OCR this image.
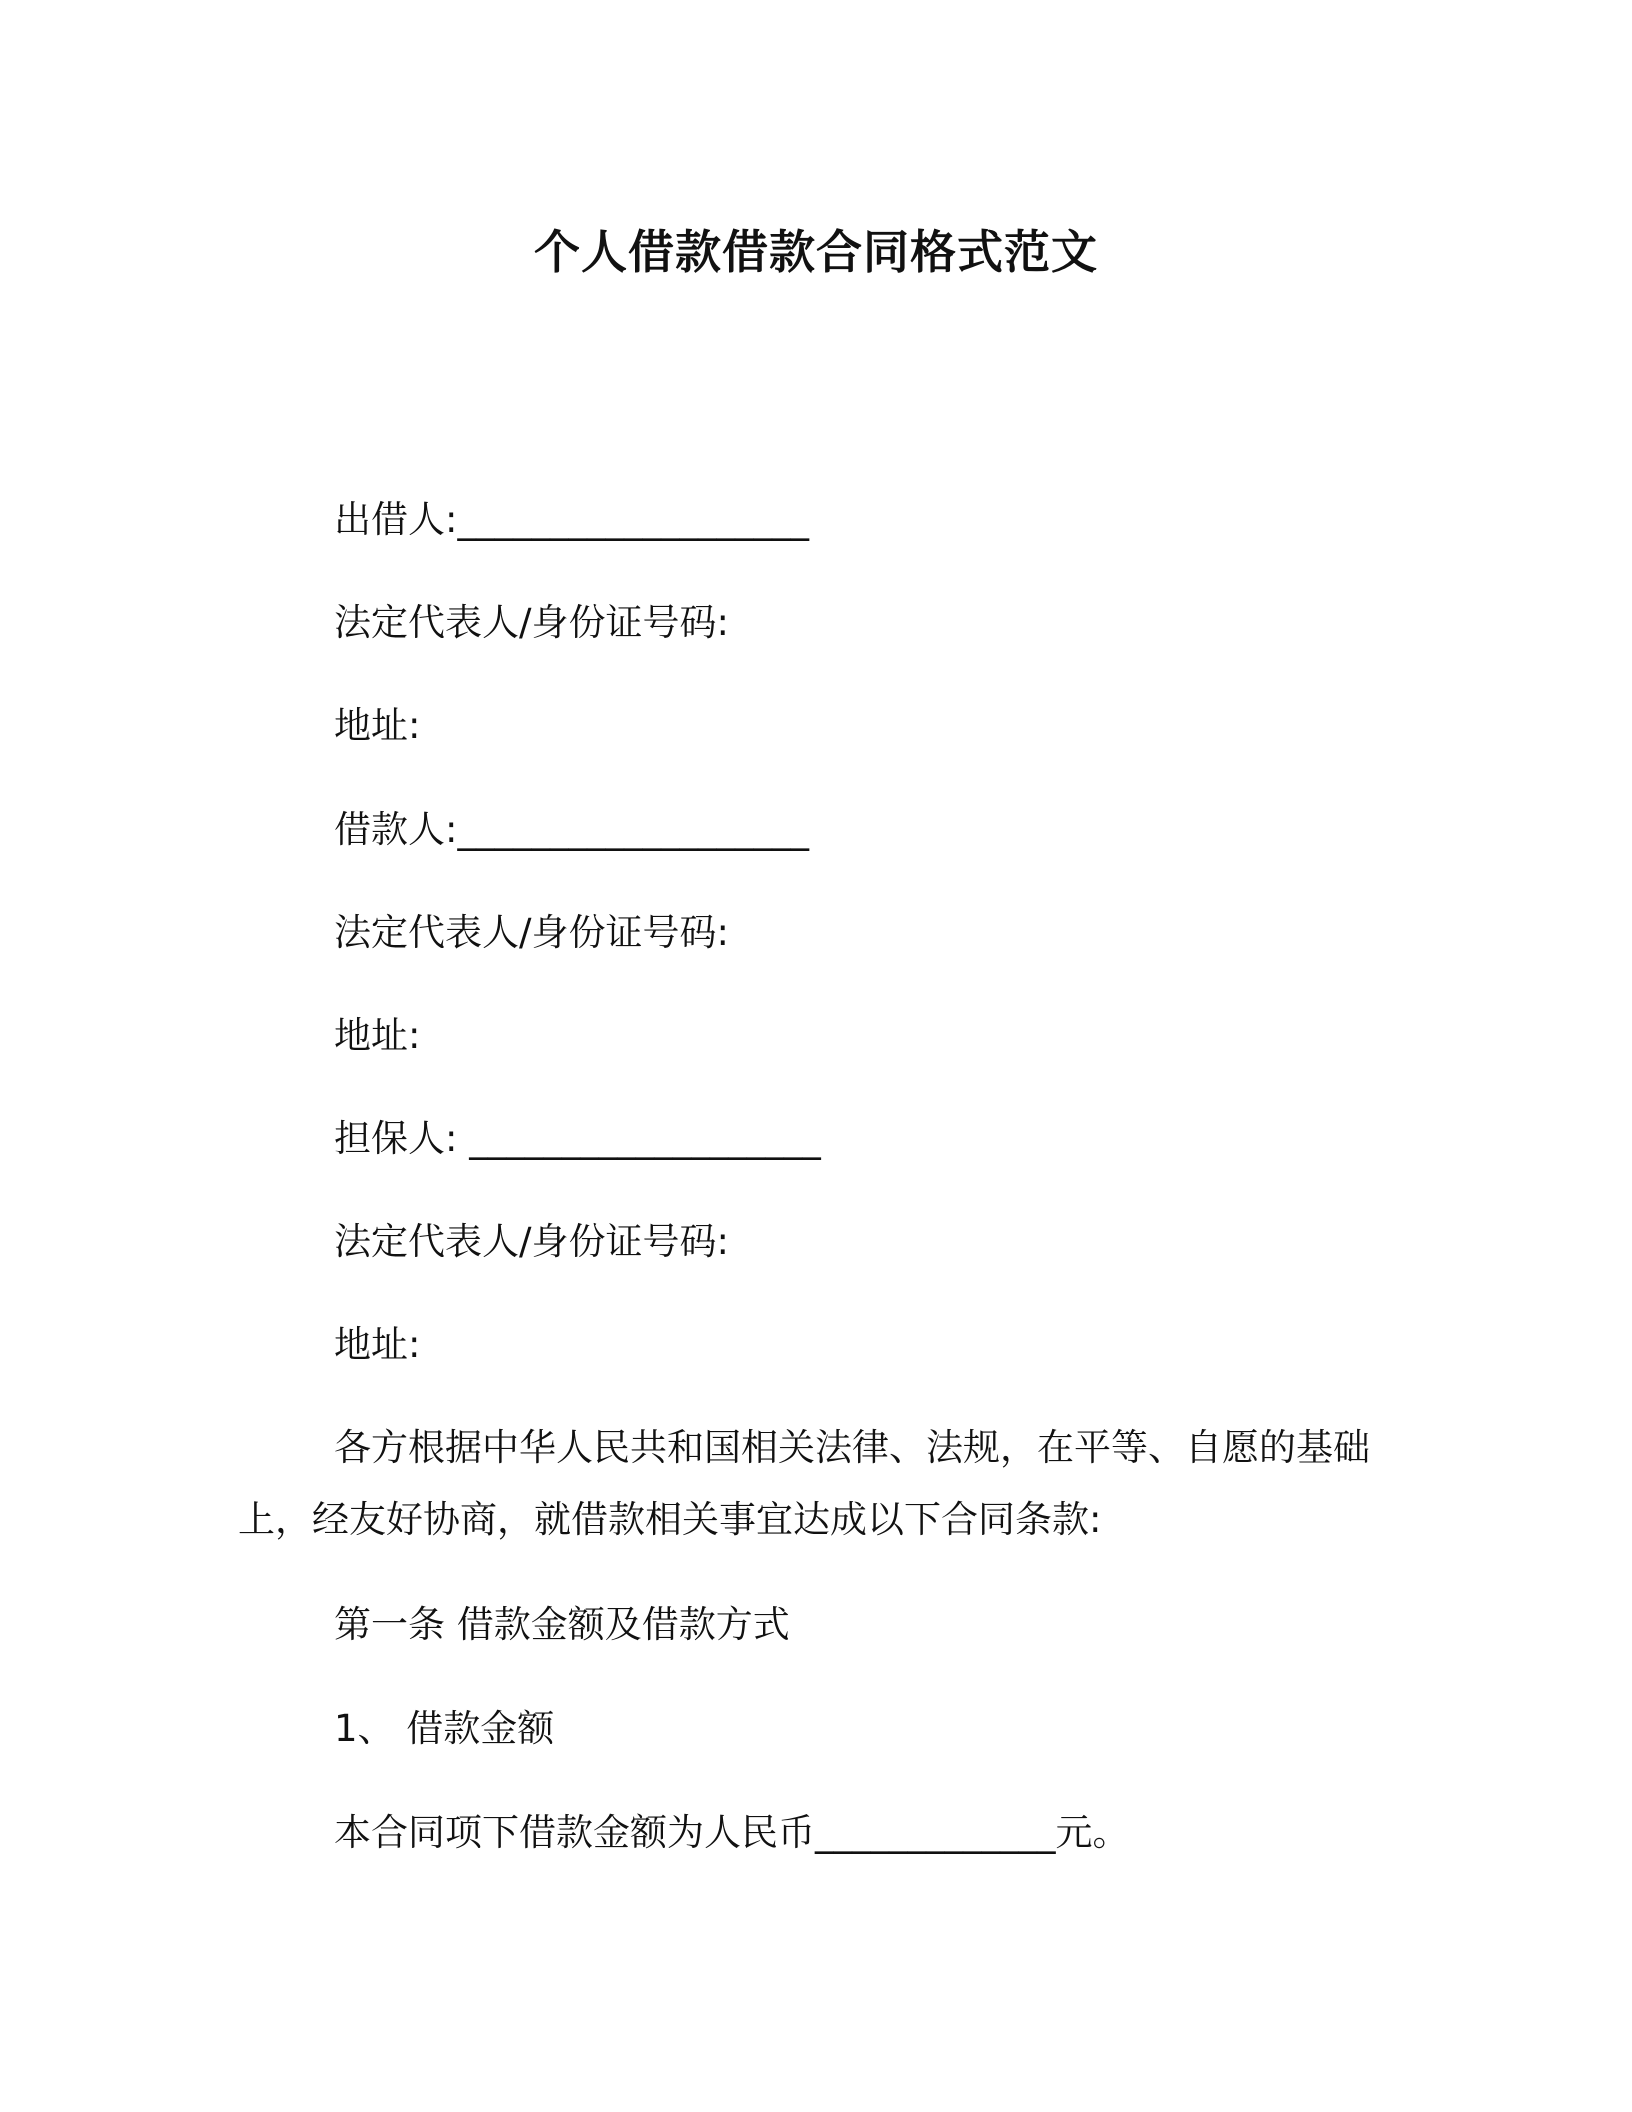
个人借款借款合同格式范文
出借人:___________________
法定代表人/身份证号码:
地址:
借款人:___________________
法定代表人/身份证号码:
地址:
担保人: ___________________
法定代表人/身份证号码:
地址:
各方根据中华人民共和国相关法律、法规，在平等、自愿的基础上，经友好协商，就借款相关事宜达成以下合同条款:
第一条 借款金额及借款方式
1、 借款金额
本合同项下借款金额为人民币_____________元。
